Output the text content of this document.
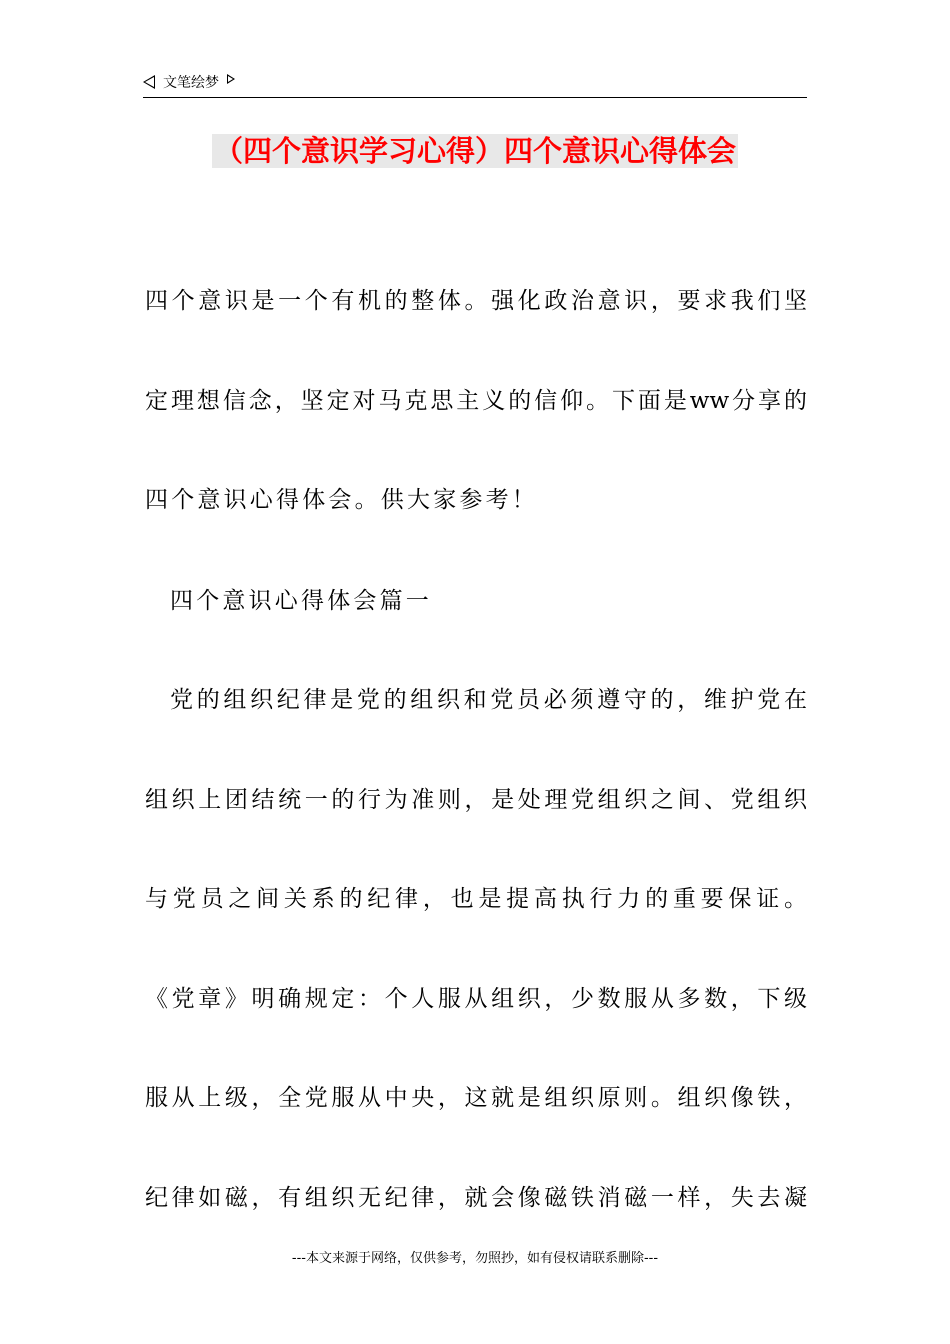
文笔绘梦
（四个意识学习心得）四个意识心得体会
四个意识是一个有机的整体。强化政治意识，要求我们坚
定理想信念，坚定对马克思主义的信仰。下面是ww分享的
四个意识心得体会。供大家参考！
四个意识心得体会篇一
党的组织纪律是党的组织和党员必须遵守的，维护党在
组织上团结统一的行为准则，是处理党组织之间、党组织
与党员之间关系的纪律，也是提高执行力的重要保证。
《党章》明确规定：个人服从组织，少数服从多数，下级
服从上级，全党服从中央，这就是组织原则。组织像铁，
纪律如磁，有组织无纪律，就会像磁铁消磁一样，失去凝
---本文来源于网络，仅供参考，勿照抄，如有侵权请联系删除---
